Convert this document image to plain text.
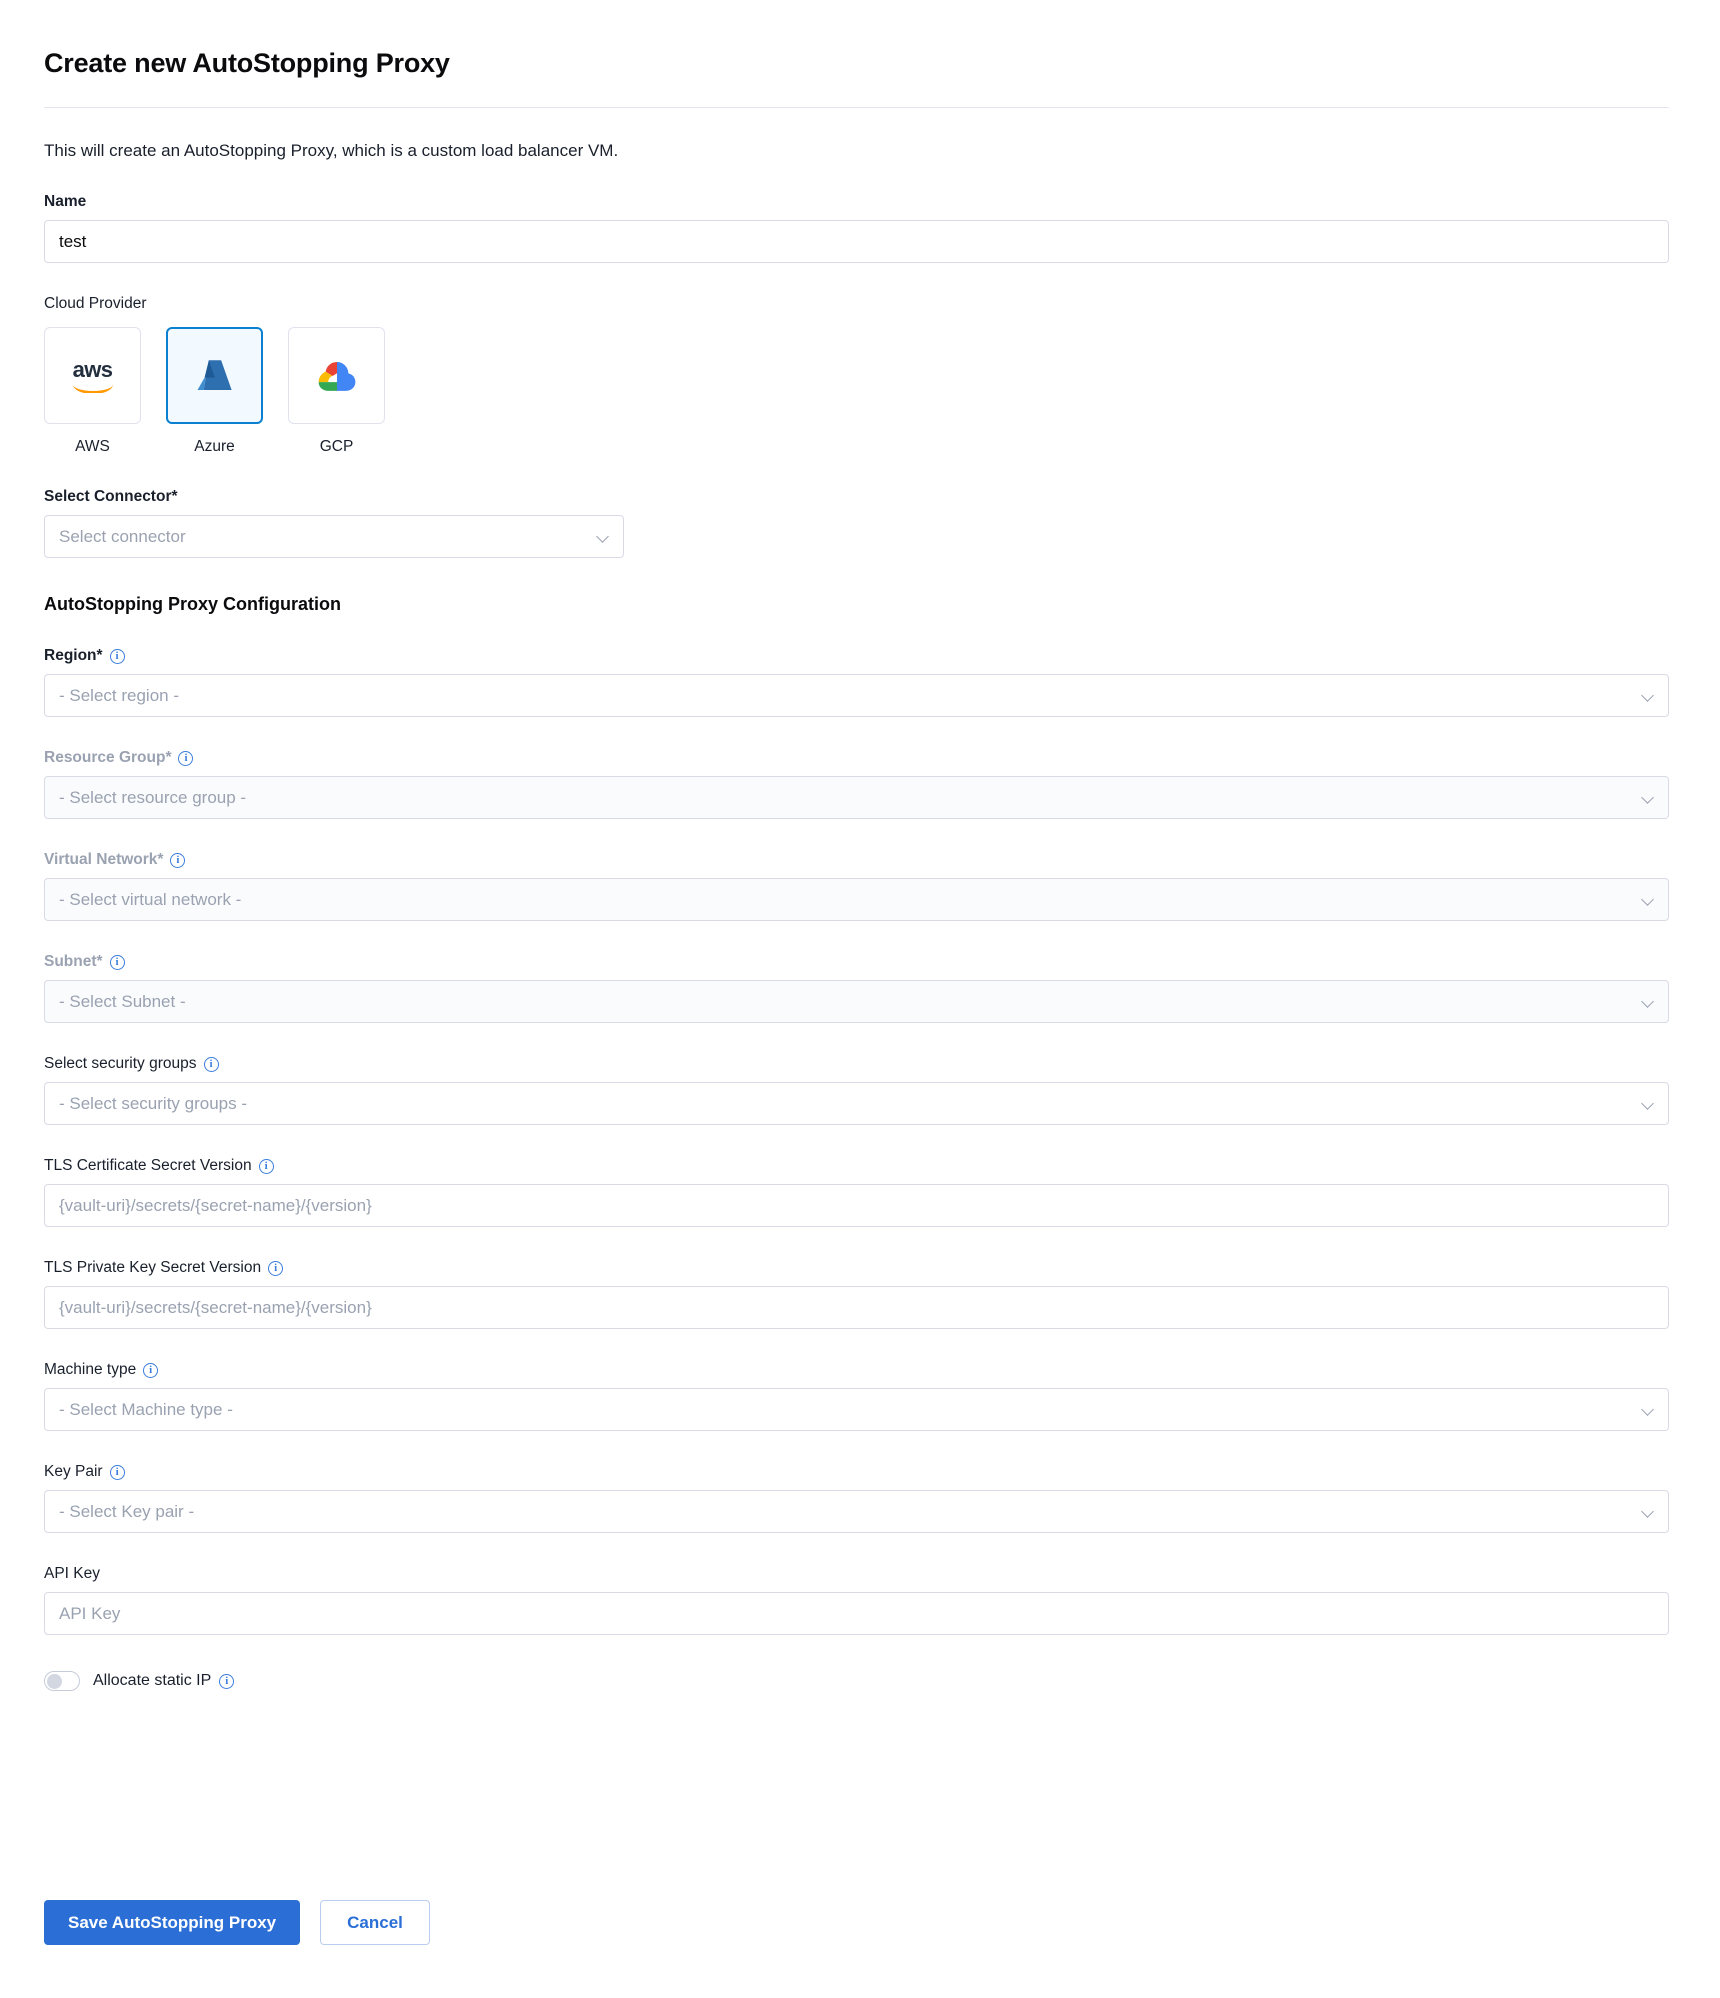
Create new AutoStopping Proxy
This will create an AutoStopping Proxy, which is a custom load balancer VM.
Name
test
Cloud Provider
aws
AWS	Azure	GCP
Select Connector*
Select connector
AutoStopping Proxy Configuration
Region*
i
- Select region -
Resource Group*
i
- Select resource group -
Virtual Network*
i
- Select virtual network -
Subnet*
i
- Select Subnet -
Select security groups
i
- Select security groups -
TLS Certificate Secret Version
i
{vault-uri}/secrets/{secret-name}/{version}
TLS Private Key Secret Version
i
{vault-uri}/secrets/{secret-name}/{version}
Machine type
i
- Select Machine type -
Key Pair
i
- Select Key pair -
API Key
API Key
Allocate static IP
i
Save AutoStopping Proxy	Cancel
